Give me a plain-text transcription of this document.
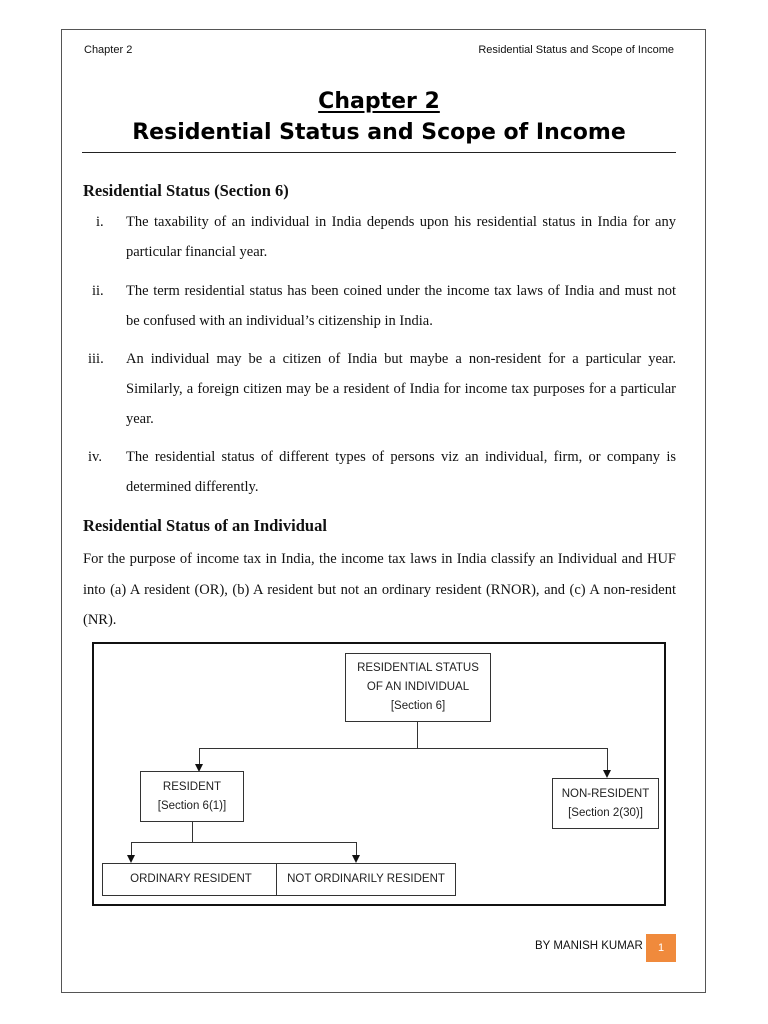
Chapter 2	Residential Status and Scope of Income
Chapter 2
Residential Status and Scope of Income
Residential Status (Section 6)
i.	The taxability of an individual in India depends upon his residential status in India for any particular financial year.
ii.	The term residential status has been coined under the income tax laws of India and must not be confused with an individual’s citizenship in India.
iii.	An individual may be a citizen of India but maybe a non-resident for a particular year. Similarly, a foreign citizen may be a resident of India for income tax purposes for a particular year.
iv.	The residential status of different types of persons viz an individual, firm, or company is determined differently.
Residential Status of an Individual
For the purpose of income tax in India, the income tax laws in India classify an Individual and HUF into (a) A resident (OR), (b) A resident but not an ordinary resident (RNOR), and (c) A non-resident (NR).
RESIDENTIAL STATUS
OF AN INDIVIDUAL
[Section 6]
RESIDENT
[Section 6(1)]
NON-RESIDENT
[Section 2(30)]
ORDINARY RESIDENT	NOT ORDINARILY RESIDENT
BY MANISH KUMAR	1
